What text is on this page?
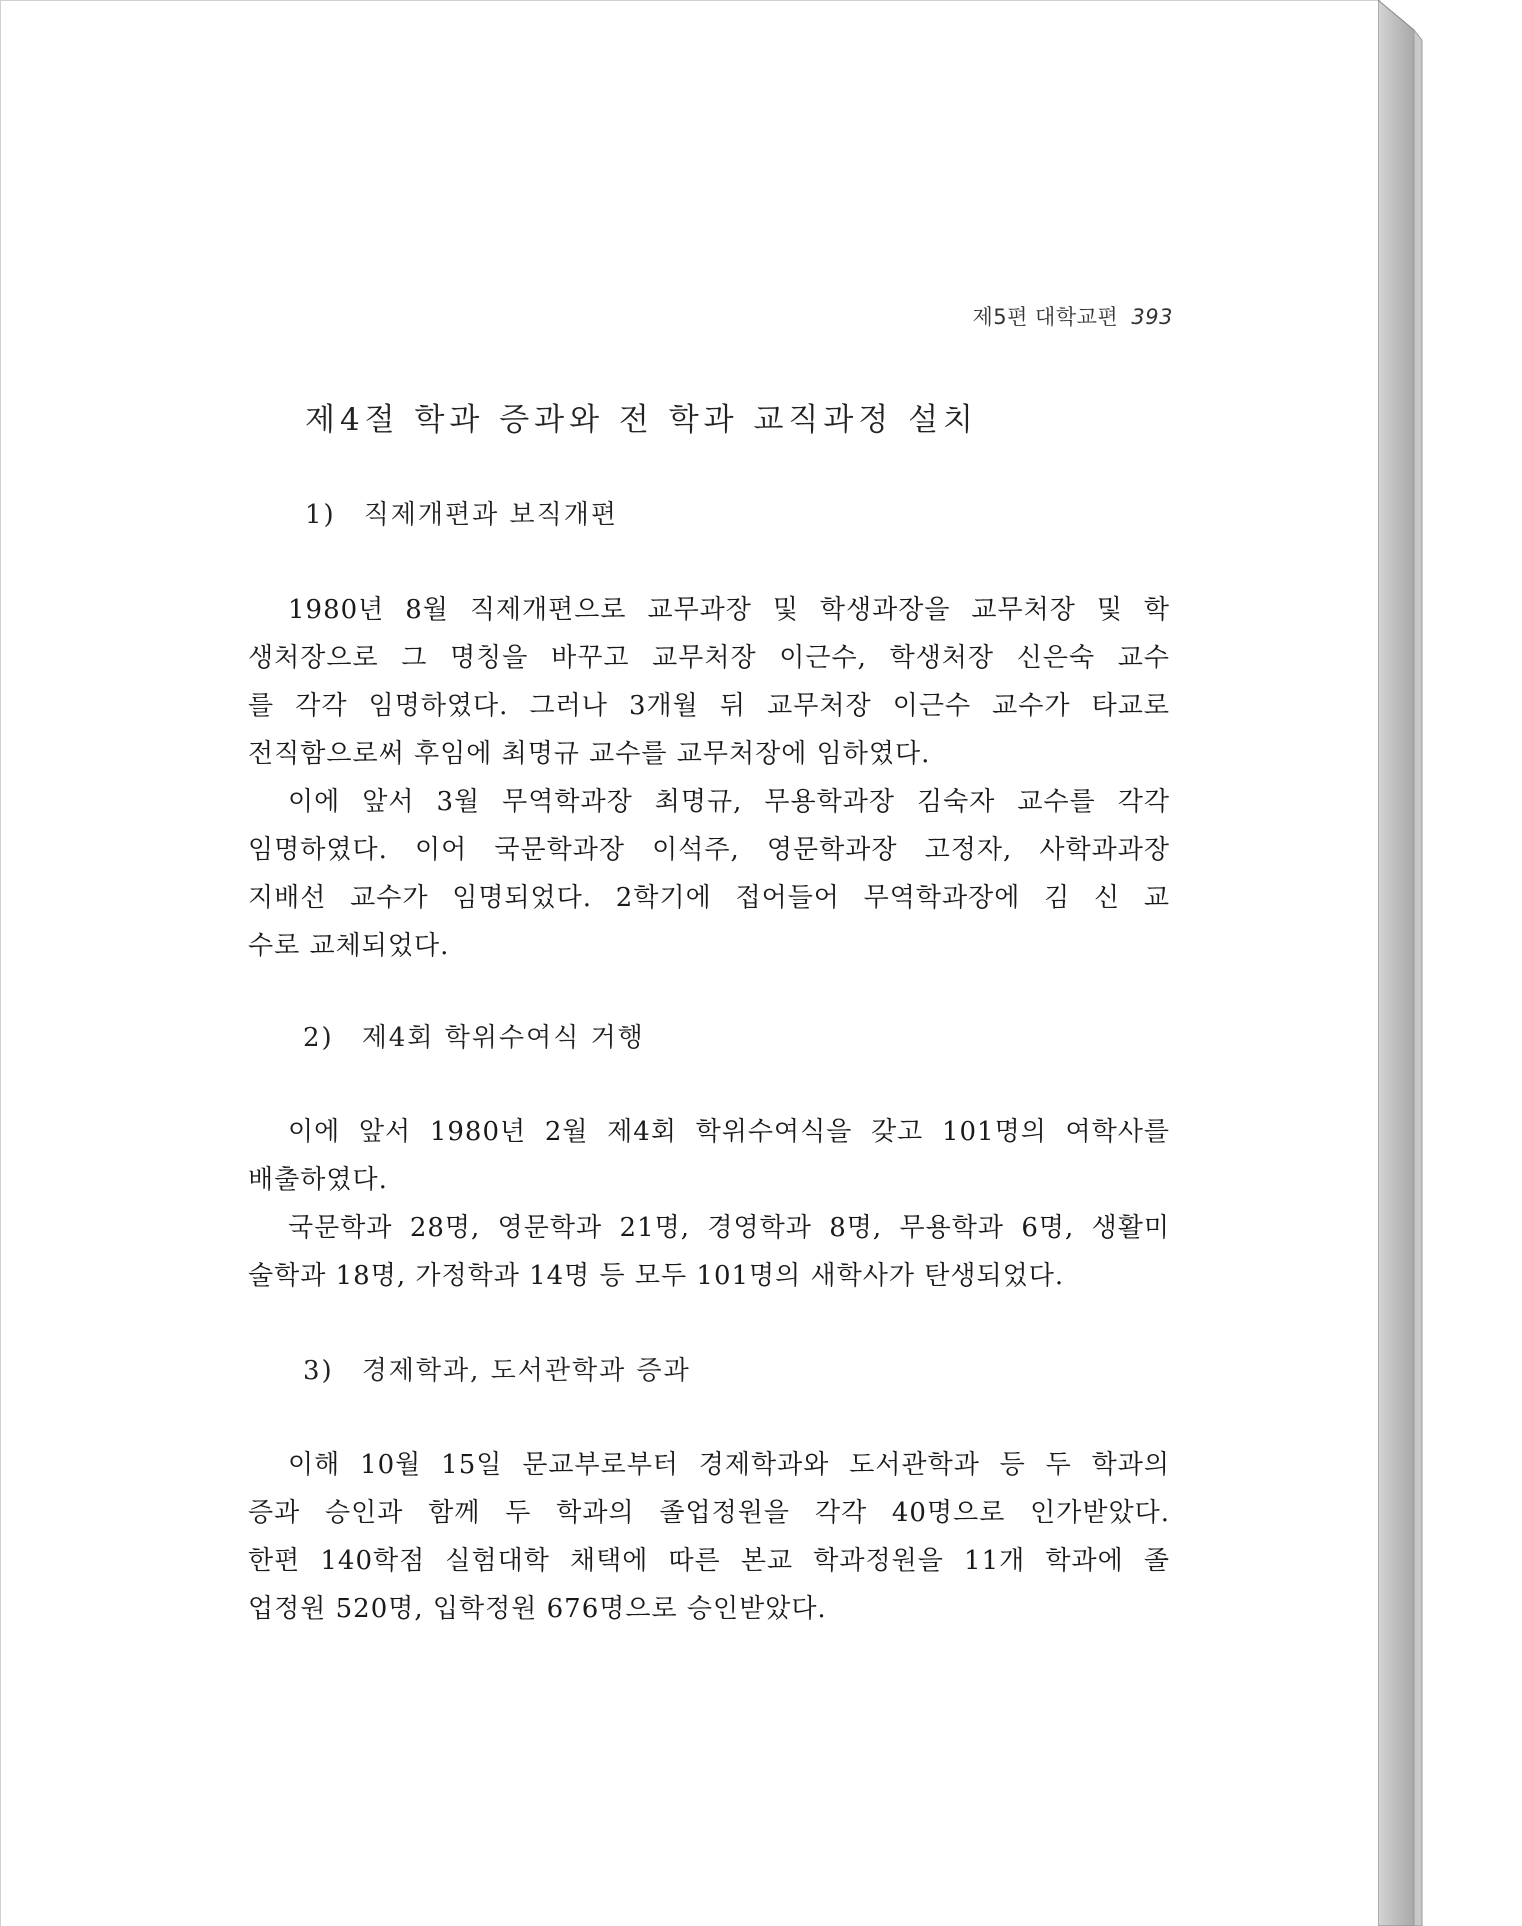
제5편 대학교편 393
제4절 학과 증과와 전 학과 교직과정 설치
1) 직제개편과 보직개편
1980년 8월 직제개편으로 교무과장 및 학생과장을 교무처장 및 학
생처장으로 그 명칭을 바꾸고 교무처장 이근수, 학생처장 신은숙 교수
를 각각 임명하였다. 그러나 3개월 뒤 교무처장 이근수 교수가 타교로
전직함으로써 후임에 최명규 교수를 교무처장에 임하였다.
이에 앞서 3월 무역학과장 최명규, 무용학과장 김숙자 교수를 각각
임명하였다. 이어 국문학과장 이석주, 영문학과장 고정자, 사학과과장
지배선 교수가 임명되었다. 2학기에 접어들어 무역학과장에 김 신 교
수로 교체되었다.
2) 제4회 학위수여식 거행
이에 앞서 1980년 2월 제4회 학위수여식을 갖고 101명의 여학사를
배출하였다.
국문학과 28명, 영문학과 21명, 경영학과 8명, 무용학과 6명, 생활미
술학과 18명, 가정학과 14명 등 모두 101명의 새학사가 탄생되었다.
3) 경제학과, 도서관학과 증과
이해 10월 15일 문교부로부터 경제학과와 도서관학과 등 두 학과의
증과 승인과 함께 두 학과의 졸업정원을 각각 40명으로 인가받았다.
한편 140학점 실험대학 채택에 따른 본교 학과정원을 11개 학과에 졸
업정원 520명, 입학정원 676명으로 승인받았다.
